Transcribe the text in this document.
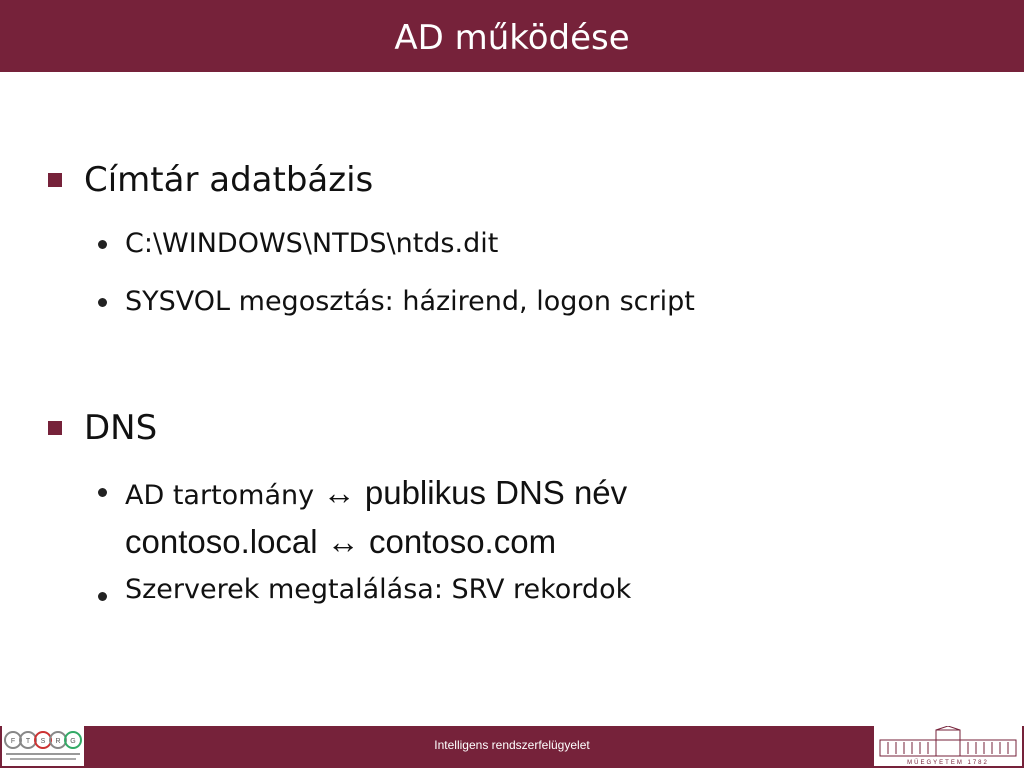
AD működése
Címtár adatbázis
C:\WINDOWS\NTDS\ntds.dit
SYSVOL megosztás: házirend, logon script
DNS
AD tartomány ↔ publikus DNS név
contoso.local ↔ contoso.com
Szerverek megtalálása: SRV rekordok
F T S R G	Intelligens rendszerfelügyelet
MŰEGYETEM 1782
